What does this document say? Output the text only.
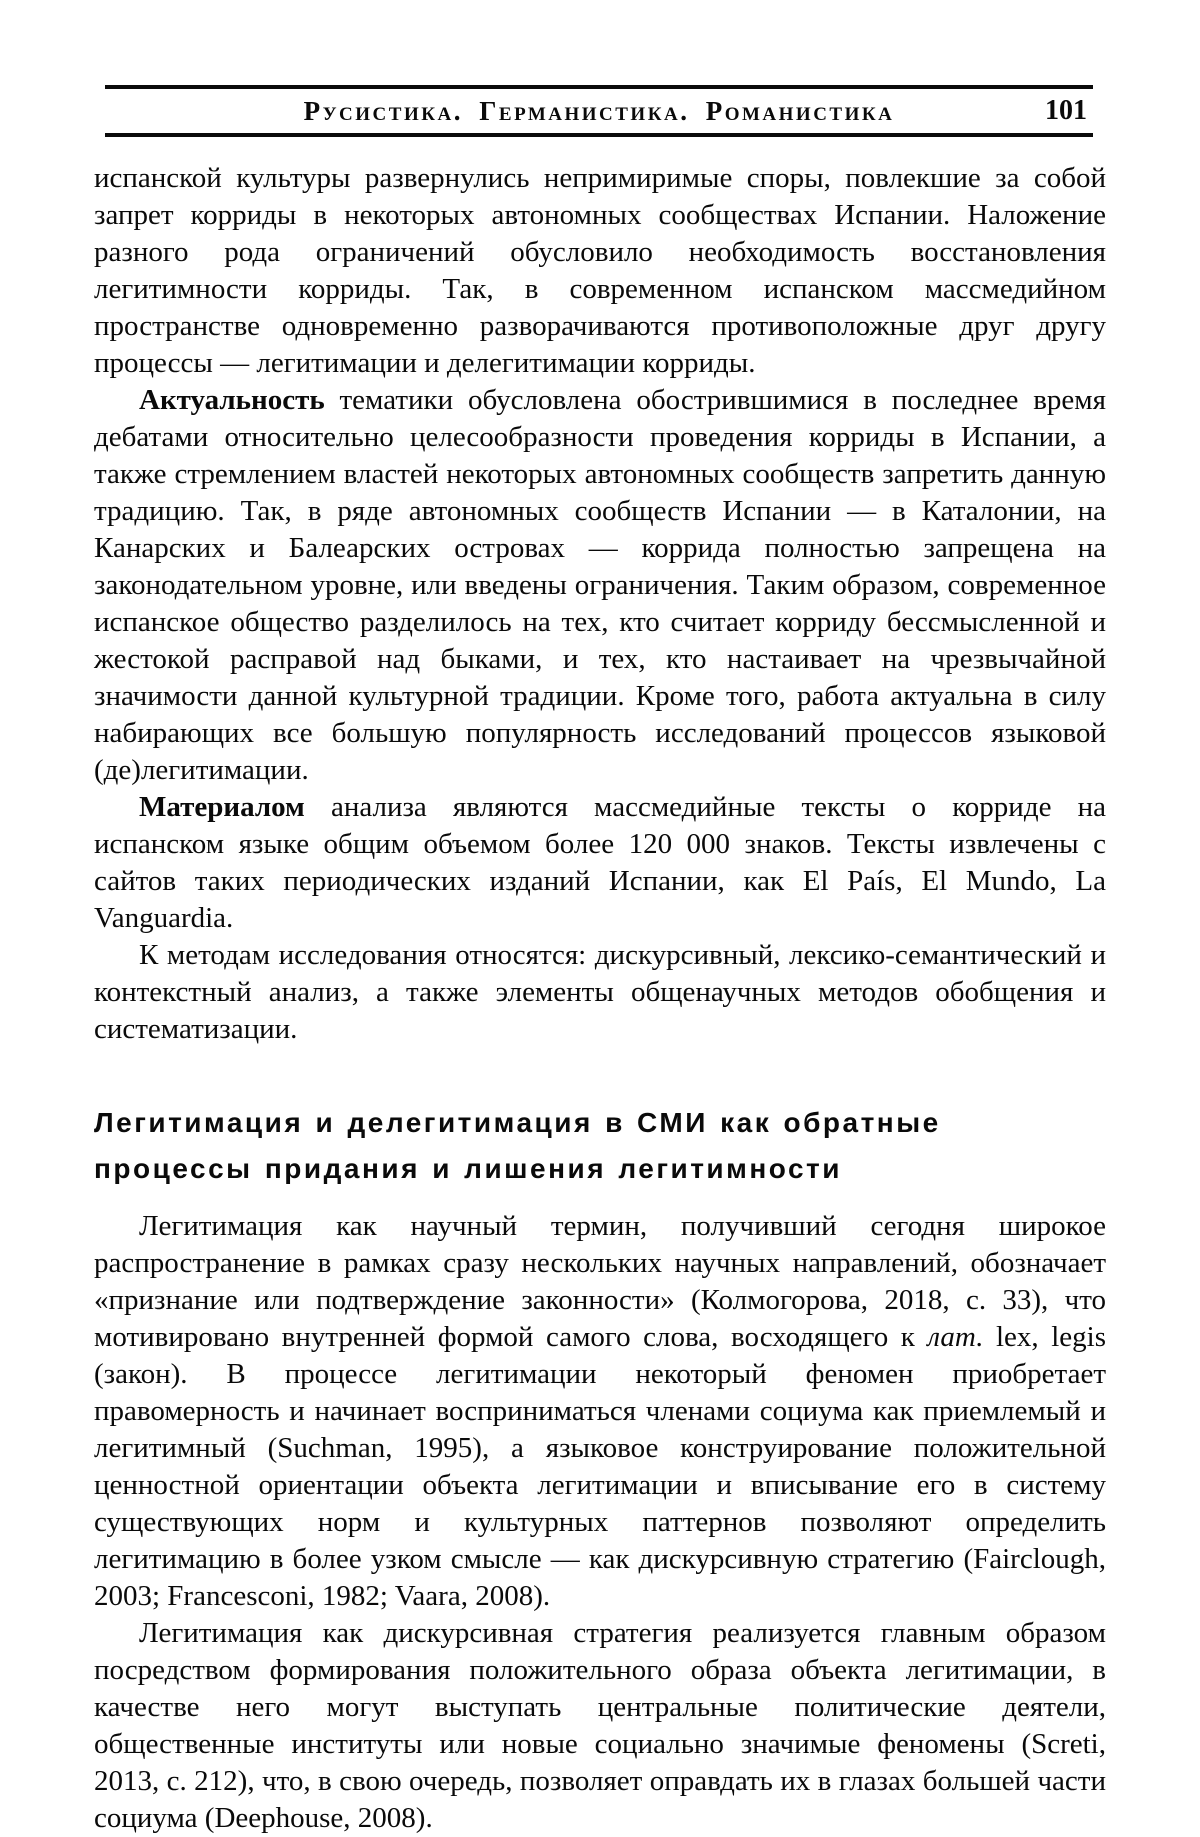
Русистика. Германистика. Романистика	101

испанской культуры развернулись непримиримые споры, повлекшие за собой запрет корриды в некоторых автономных сообществах Испании. Наложение разного рода ограничений обусловило необходимость восстановления легитимности корриды. Так, в современном испанском массмедийном пространстве одновременно разворачиваются противоположные друг другу процессы — легитимации и делегитимации корриды.

Актуальность тематики обусловлена обострившимися в последнее время дебатами относительно целесообразности проведения корриды в Испании, а также стремлением властей некоторых автономных сообществ запретить данную традицию. Так, в ряде автономных сообществ Испании — в Каталонии, на Канарских и Балеарских островах — коррида полностью запрещена на законодательном уровне, или введены ограничения. Таким образом, современное испанское общество разделилось на тех, кто считает корриду бессмысленной и жестокой расправой над быками, и тех, кто настаивает на чрезвычайной значимости данной культурной традиции. Кроме того, работа актуальна в силу набирающих все большую популярность исследований процессов языковой (де)легитимации.

Материалом анализа являются массмедийные тексты о корриде на испанском языке общим объемом более 120 000 знаков. Тексты извлечены с сайтов таких периодических изданий Испании, как El País, El Mundo, La Vanguardia.

К методам исследования относятся: дискурсивный, лексико-семантический и контекстный анализ, а также элементы общенаучных методов обобщения и систематизации.

Легитимация и делегитимация в СМИ как обратные
процессы придания и лишения легитимности

Легитимация как научный термин, получивший сегодня широкое распространение в рамках сразу нескольких научных направлений, обозначает «признание или подтверждение законности» (Колмогорова, 2018, с. 33), что мотивировано внутренней формой самого слова, восходящего к лат. lex, legis (закон). В процессе легитимации некоторый феномен приобретает правомерность и начинает восприниматься членами социума как приемлемый и легитимный (Suchman, 1995), а языковое конструирование положительной ценностной ориентации объекта легитимации и вписывание его в систему существующих норм и культурных паттернов позволяют определить легитимацию в более узком смысле — как дискурсивную стратегию (Fairclough, 2003; Francesconi, 1982; Vaara, 2008).

Легитимация как дискурсивная стратегия реализуется главным образом посредством формирования положительного образа объекта легитимации, в качестве него могут выступать центральные политические деятели, общественные институты или новые социально значимые феномены (Screti, 2013, с. 212), что, в свою очередь, позволяет оправдать их в глазах большей части социума (Deephouse, 2008).
